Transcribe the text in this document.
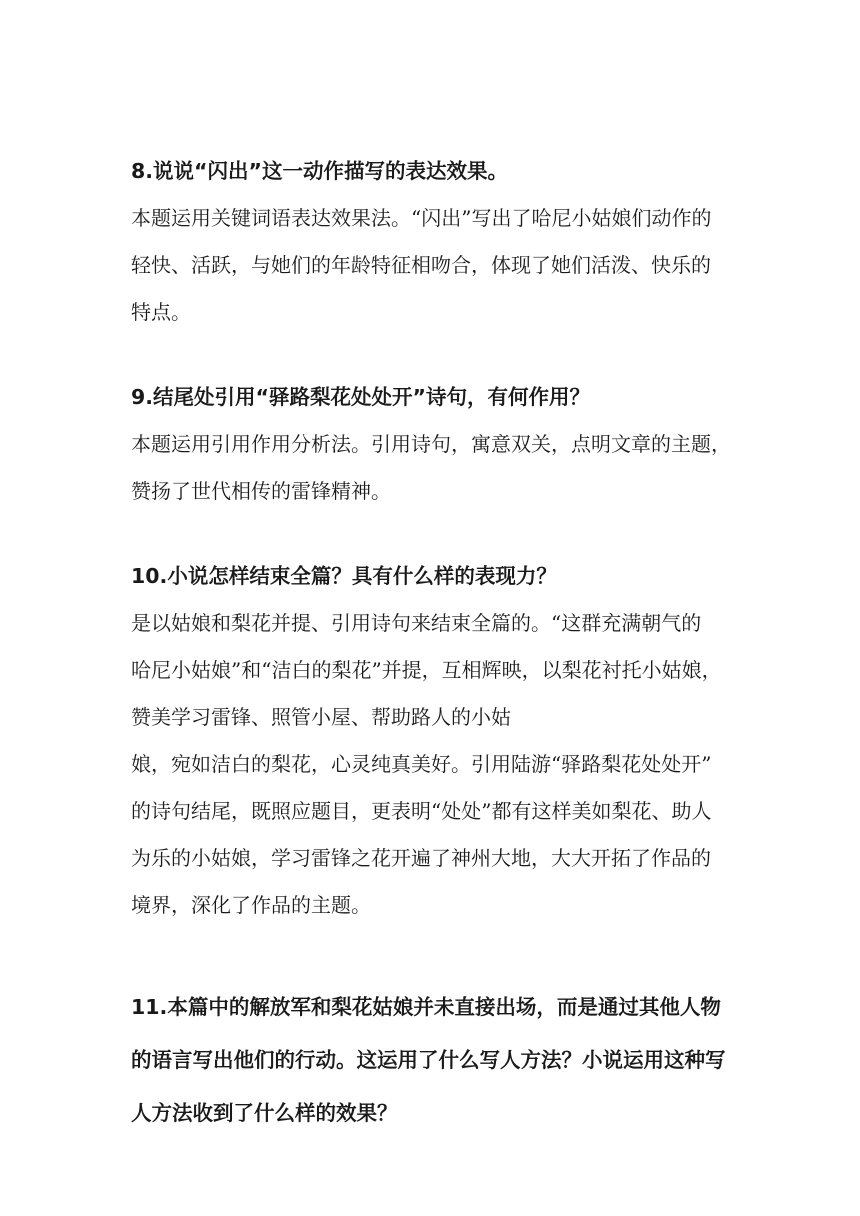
8.说说“闪出”这一动作描写的表达效果。

本题运用关键词语表达效果法。“闪出”写出了哈尼小姑娘们动作的

轻快、活跃，与她们的年龄特征相吻合，体现了她们活泼、快乐的

特点。

9.结尾处引用“驿路梨花处处开”诗句，有何作用？

本题运用引用作用分析法。引用诗句，寓意双关，点明文章的主题，

赞扬了世代相传的雷锋精神。

10.小说怎样结束全篇？具有什么样的表现力？

是以姑娘和梨花并提、引用诗句来结束全篇的。“这群充满朝气的

哈尼小姑娘”和“洁白的梨花”并提，互相辉映，以梨花衬托小姑娘，

赞美学习雷锋、照管小屋、帮助路人的小姑

娘，宛如洁白的梨花，心灵纯真美好。引用陆游“驿路梨花处处开”

的诗句结尾，既照应题目，更表明“处处”都有这样美如梨花、助人

为乐的小姑娘，学习雷锋之花开遍了神州大地，大大开拓了作品的

境界，深化了作品的主题。

11.本篇中的解放军和梨花姑娘并未直接出场，而是通过其他人物

的语言写出他们的行动。这运用了什么写人方法？小说运用这种写

人方法收到了什么样的效果？
